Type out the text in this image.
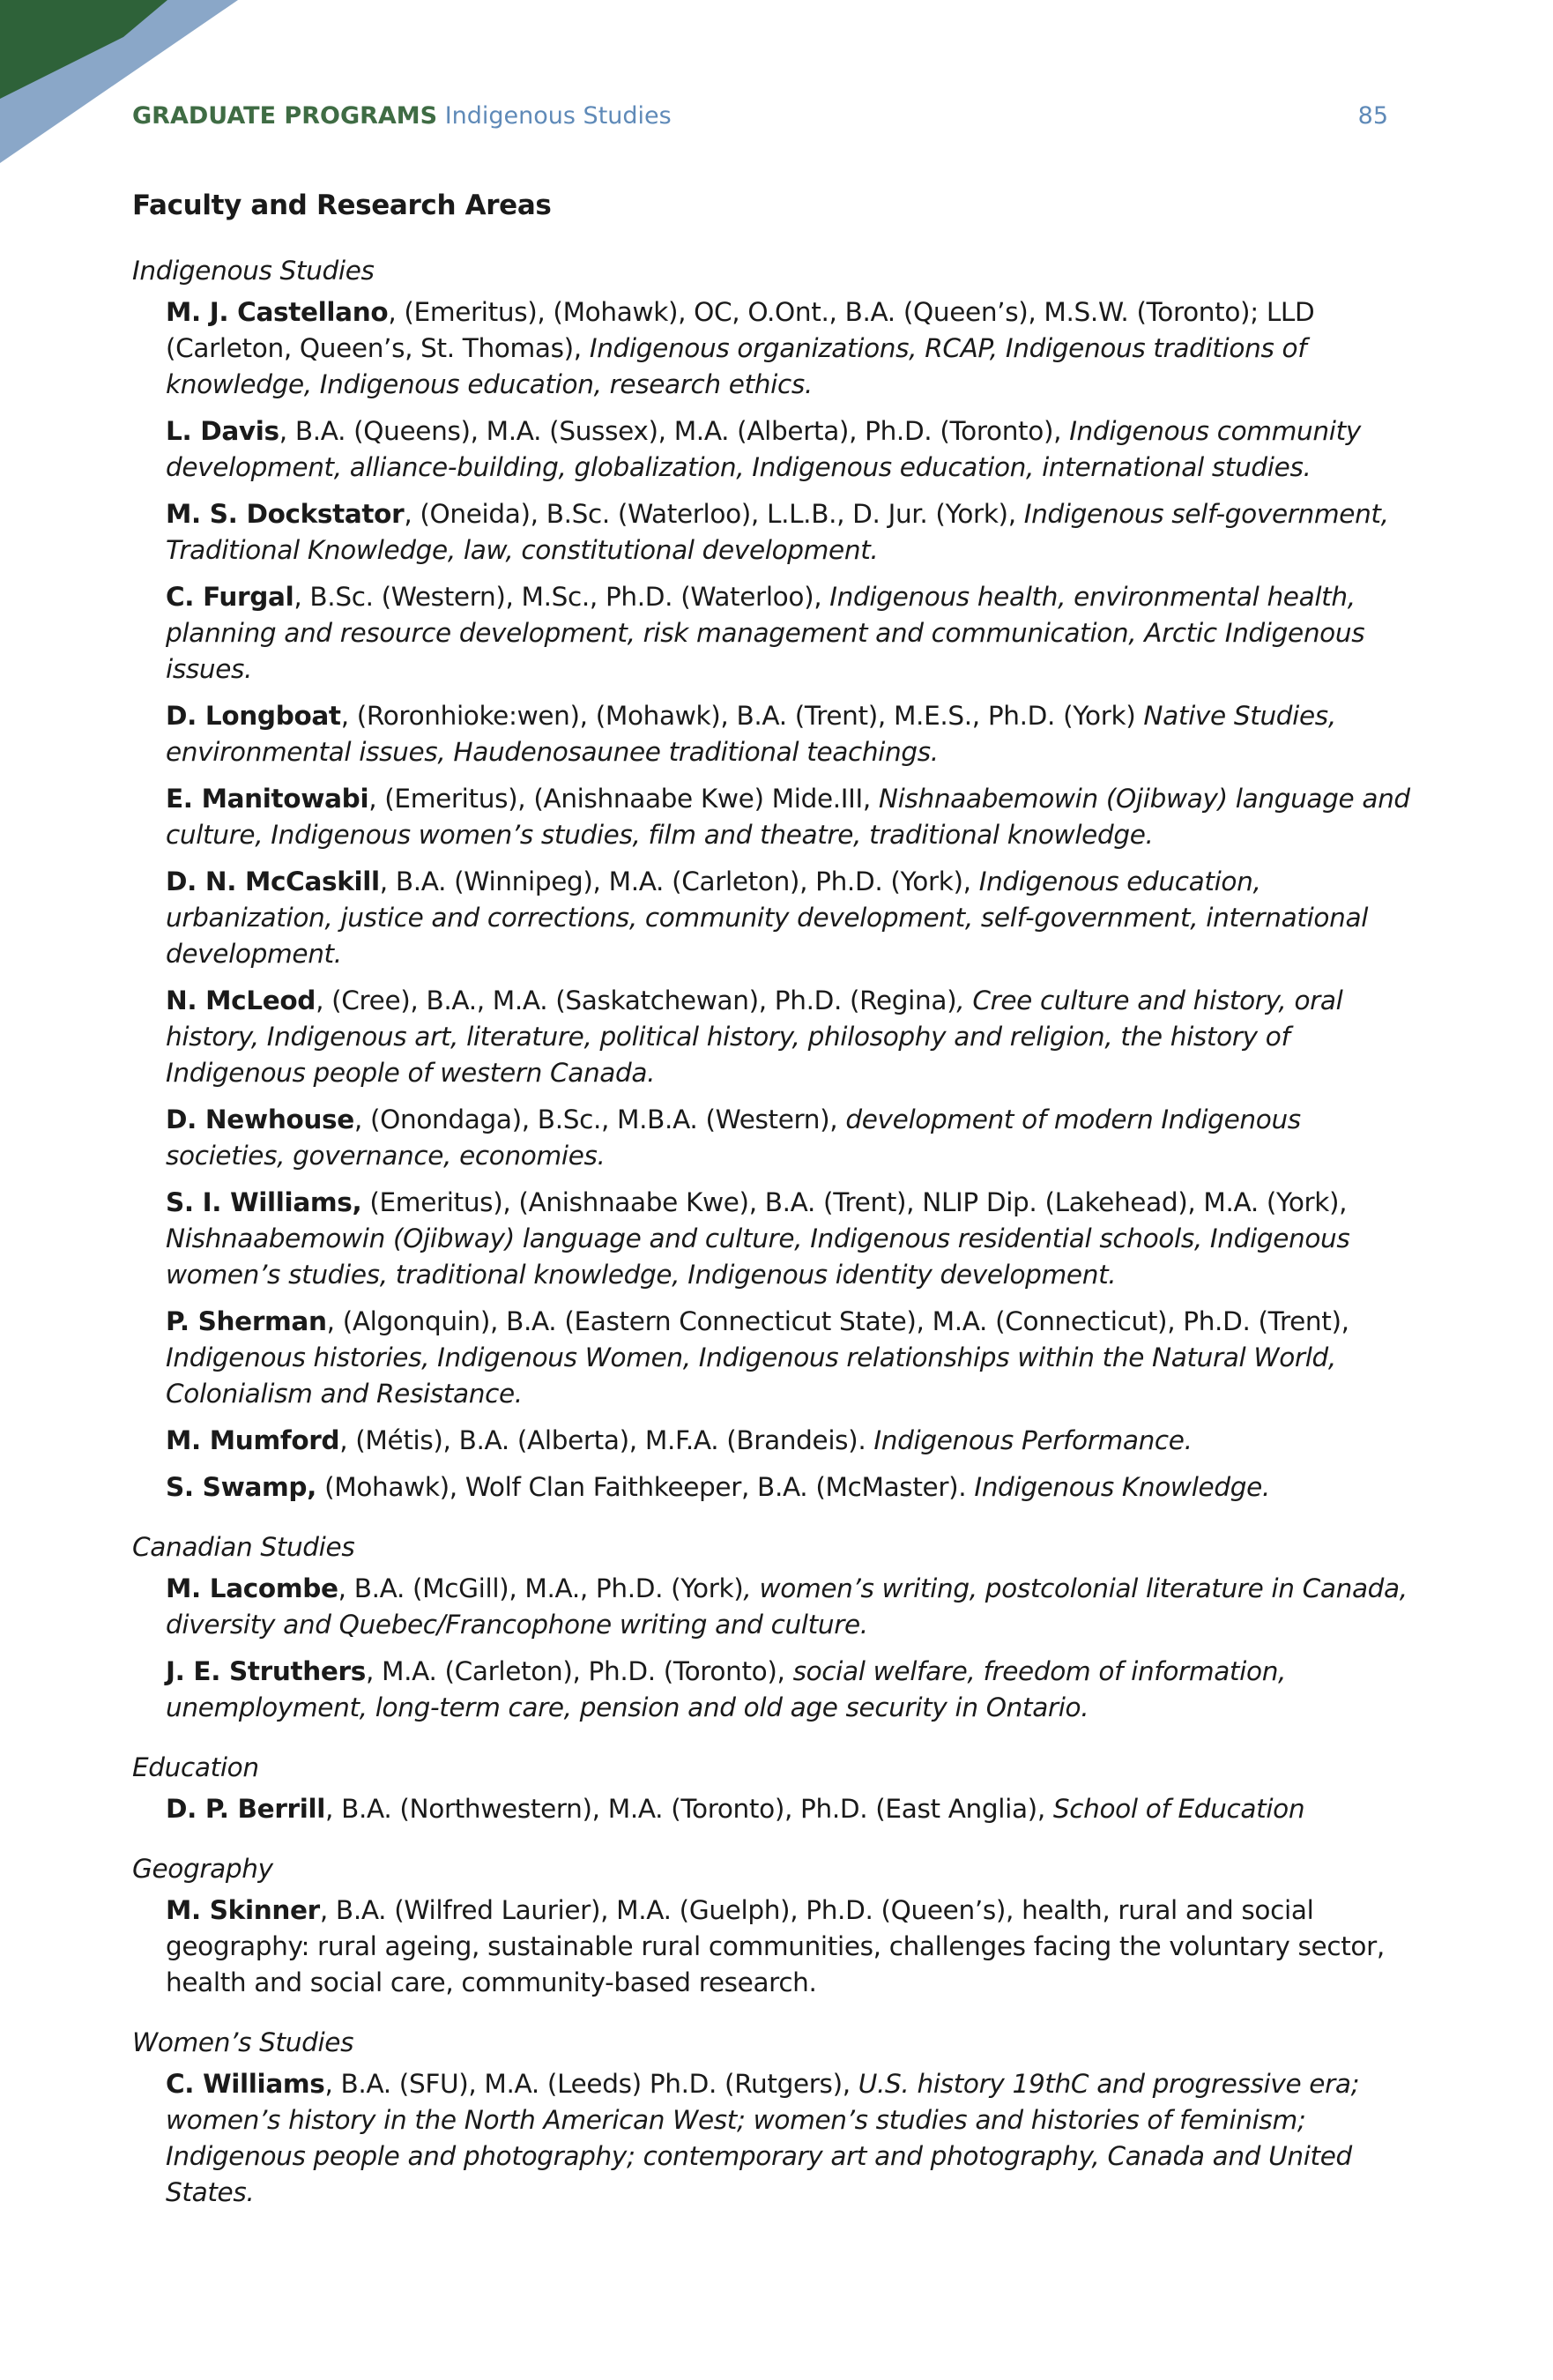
GRADUATE PROGRAMS Indigenous Studies	85
Faculty and Research Areas
Indigenous Studies
M. J. Castellano, (Emeritus), (Mohawk), OC, O.Ont., B.A. (Queen’s), M.S.W. (Toronto); LLD (Carleton, Queen’s, St. Thomas), Indigenous organizations, RCAP, Indigenous traditions of knowledge, Indigenous education, research ethics.
L. Davis, B.A. (Queens), M.A. (Sussex), M.A. (Alberta), Ph.D. (Toronto), Indigenous community development, alliance-building, globalization, Indigenous education, international studies.
M. S. Dockstator, (Oneida), B.Sc. (Waterloo), L.L.B., D. Jur. (York), Indigenous self-government, Traditional Knowledge, law, constitutional development.
C. Furgal, B.Sc. (Western), M.Sc., Ph.D. (Waterloo), Indigenous health, environmental health, planning and resource development, risk management and communication, Arctic Indigenous issues.
D. Longboat, (Roronhioke:wen), (Mohawk), B.A. (Trent), M.E.S., Ph.D. (York) Native Studies, environmental issues, Haudenosaunee traditional teachings.
E. Manitowabi, (Emeritus), (Anishnaabe Kwe) Mide.III, Nishnaabemowin (Ojibway) language and culture, Indigenous women’s studies, film and theatre, traditional knowledge.
D. N. McCaskill, B.A. (Winnipeg), M.A. (Carleton), Ph.D. (York), Indigenous education, urbanization, justice and corrections, community development, self-government, international development.
N. McLeod, (Cree), B.A., M.A. (Saskatchewan), Ph.D. (Regina), Cree culture and history, oral history, Indigenous art, literature, political history, philosophy and religion, the history of Indigenous people of western Canada.
D. Newhouse, (Onondaga), B.Sc., M.B.A. (Western), development of modern Indigenous societies, governance, economies.
S. I. Williams, (Emeritus), (Anishnaabe Kwe), B.A. (Trent), NLIP Dip. (Lakehead), M.A. (York), Nishnaabemowin (Ojibway) language and culture, Indigenous residential schools, Indigenous women’s studies, traditional knowledge, Indigenous identity development.
P. Sherman, (Algonquin), B.A. (Eastern Connecticut State), M.A. (Connecticut), Ph.D. (Trent), Indigenous histories, Indigenous Women, Indigenous relationships within the Natural World, Colonialism and Resistance.
M. Mumford, (Métis), B.A. (Alberta), M.F.A. (Brandeis). Indigenous Performance.
S. Swamp, (Mohawk), Wolf Clan Faithkeeper, B.A. (McMaster). Indigenous Knowledge.
Canadian Studies
M. Lacombe, B.A. (McGill), M.A., Ph.D. (York), women’s writing, postcolonial literature in Canada, diversity and Quebec/Francophone writing and culture.
J. E. Struthers, M.A. (Carleton), Ph.D. (Toronto), social welfare, freedom of information, unemployment, long-term care, pension and old age security in Ontario.
Education
D. P. Berrill, B.A. (Northwestern), M.A. (Toronto), Ph.D. (East Anglia), School of Education
Geography
M. Skinner, B.A. (Wilfred Laurier), M.A. (Guelph), Ph.D. (Queen’s), health, rural and social geography: rural ageing, sustainable rural communities, challenges facing the voluntary sector, health and social care, community-based research.
Women’s Studies
C. Williams, B.A. (SFU), M.A. (Leeds) Ph.D. (Rutgers), U.S. history 19thC and progressive era; women’s history in the North American West; women’s studies and histories of feminism; Indigenous people and photography; contemporary art and photography, Canada and United States.
